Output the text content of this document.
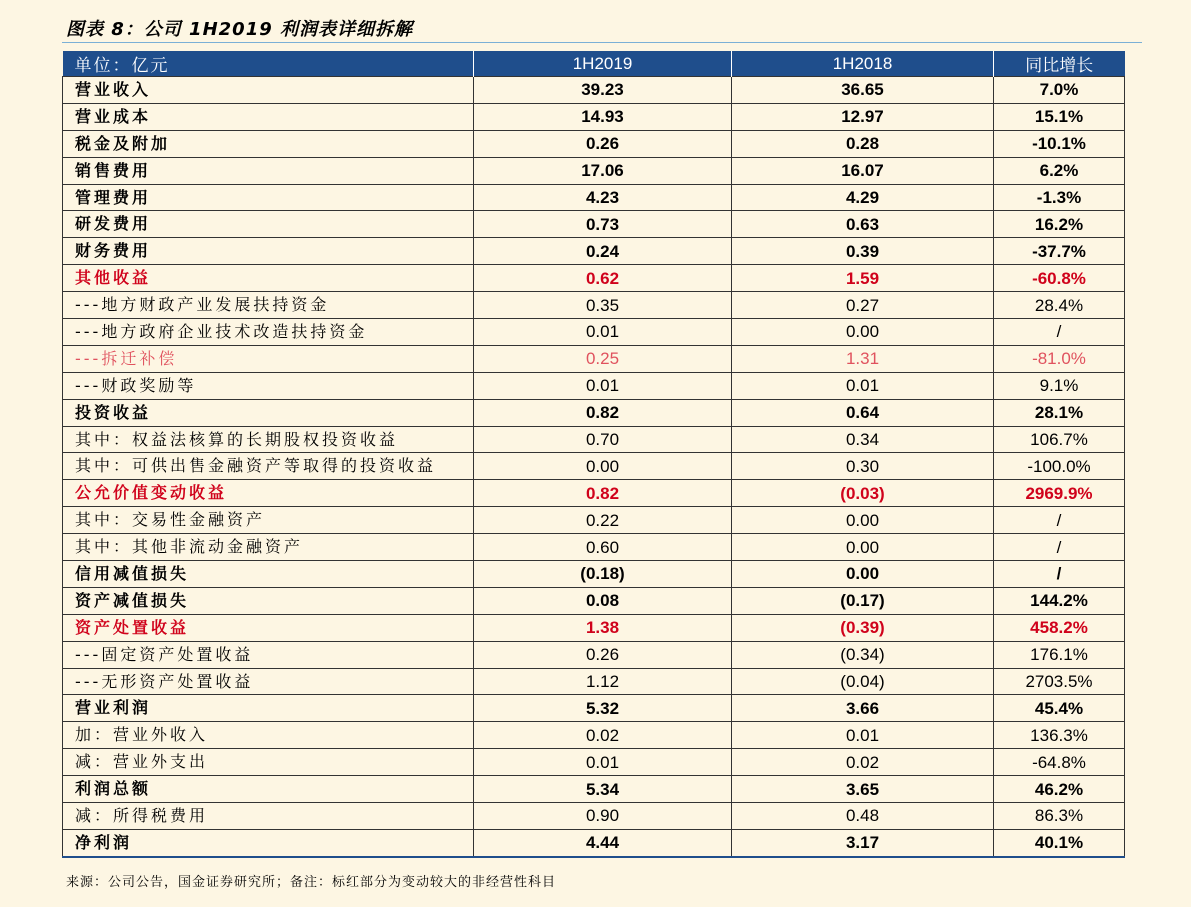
图表 8：公司 1H2019 利润表详细拆解
单位：亿元	1H2019	1H2018	同比增长
营业收入	39.23	36.65	7.0%
营业成本	14.93	12.97	15.1%
税金及附加	0.26	0.28	-10.1%
销售费用	17.06	16.07	6.2%
管理费用	4.23	4.29	-1.3%
研发费用	0.73	0.63	16.2%
财务费用	0.24	0.39	-37.7%
其他收益	0.62	1.59	-60.8%
---地方财政产业发展扶持资金	0.35	0.27	28.4%
---地方政府企业技术改造扶持资金	0.01	0.00	/
---拆迁补偿	0.25	1.31	-81.0%
---财政奖励等	0.01	0.01	9.1%
投资收益	0.82	0.64	28.1%
其中：权益法核算的长期股权投资收益	0.70	0.34	106.7%
其中：可供出售金融资产等取得的投资收益	0.00	0.30	-100.0%
公允价值变动收益	0.82	(0.03)	2969.9%
其中：交易性金融资产	0.22	0.00	/
其中：其他非流动金融资产	0.60	0.00	/
信用减值损失	(0.18)	0.00	/
资产减值损失	0.08	(0.17)	144.2%
资产处置收益	1.38	(0.39)	458.2%
---固定资产处置收益	0.26	(0.34)	176.1%
---无形资产处置收益	1.12	(0.04)	2703.5%
营业利润	5.32	3.66	45.4%
加：营业外收入	0.02	0.01	136.3%
减：营业外支出	0.01	0.02	-64.8%
利润总额	5.34	3.65	46.2%
减：所得税费用	0.90	0.48	86.3%
净利润	4.44	3.17	40.1%
来源：公司公告，国金证券研究所；备注：标红部分为变动较大的非经营性科目
